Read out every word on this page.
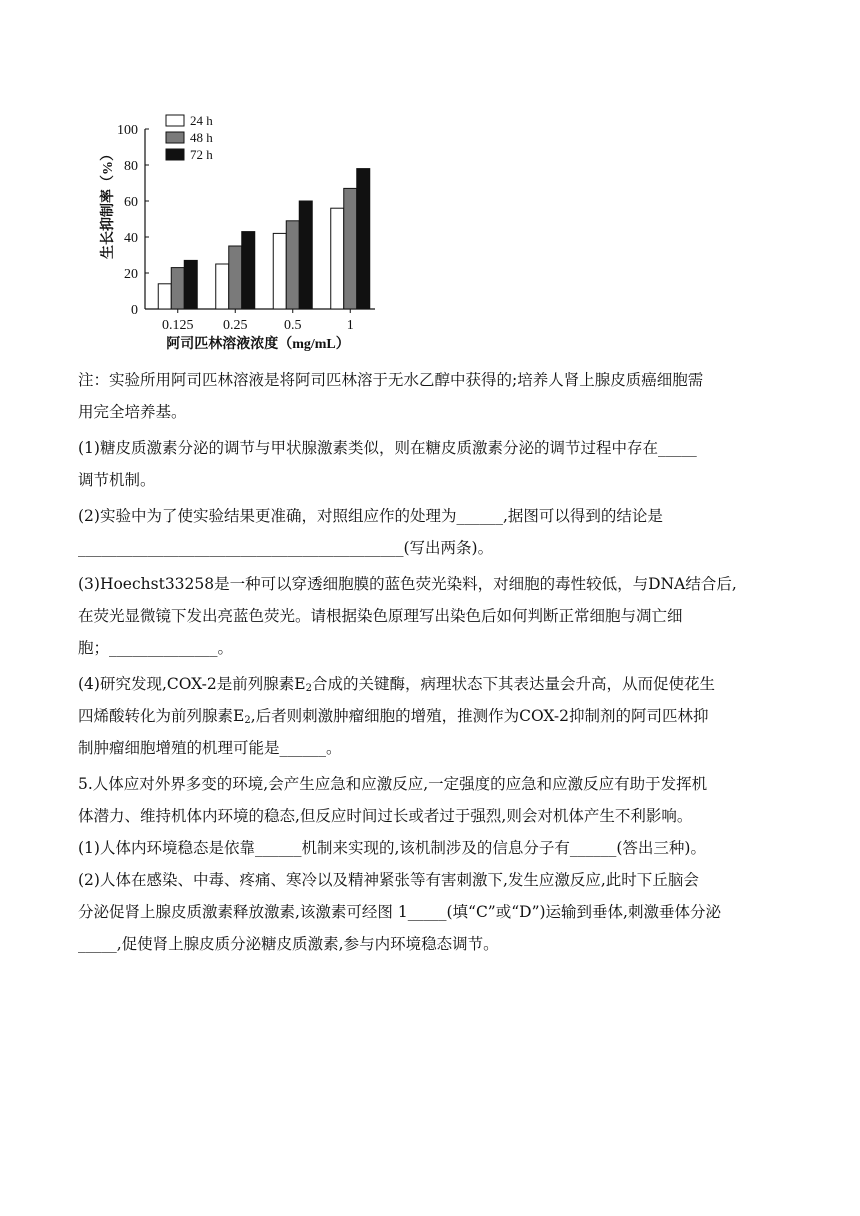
0
20
40
60
80
100
0.125 0.25	0.5	1
24 h
48 h
72 h
生长抑制率（%）
阿司匹林溶液浓度（mg/mL）
注：实验所用阿司匹林溶液是将阿司匹林溶于无水乙醇中获得的;培养人肾上腺皮质癌细胞需
用完全培养基。
(1)糖皮质激素分泌的调节与甲状腺激素类似，则在糖皮质激素分泌的调节过程中存在_____
调节机制。
(2)实验中为了使实验结果更准确，对照组应作的处理为______,据图可以得到的结论是
__________________________________________(写出两条)。
(3)Hoechst33258是一种可以穿透细胞膜的蓝色荧光染料，对细胞的毒性较低，与DNA结合后,
在荧光显微镜下发出亮蓝色荧光。请根据染色原理写出染色后如何判断正常细胞与凋亡细
胞；______________。
(4)研究发现,COX-2是前列腺素$E_2$合成的关键酶，病理状态下其表达量会升高，从而促使花生
四烯酸转化为前列腺素$E_2$,后者则刺激肿瘤细胞的增殖，推测作为COX-2抑制剂的阿司匹林抑
制肿瘤细胞增殖的机理可能是______。
5.人体应对外界多变的环境,会产生应急和应激反应,一定强度的应急和应激反应有助于发挥机
体潜力、维持机体内环境的稳态,但反应时间过长或者过于强烈,则会对机体产生不利影响。
(1)人体内环境稳态是依靠______机制来实现的,该机制涉及的信息分子有______(答出三种)。
(2)人体在感染、中毒、疼痛、寒冷以及精神紧张等有害刺激下,发生应激反应,此时下丘脑会
分泌促肾上腺皮质激素释放激素,该激素可经图 1_____(填“C”或“D”)运输到垂体,刺激垂体分泌
_____,促使肾上腺皮质分泌糖皮质激素,参与内环境稳态调节。
